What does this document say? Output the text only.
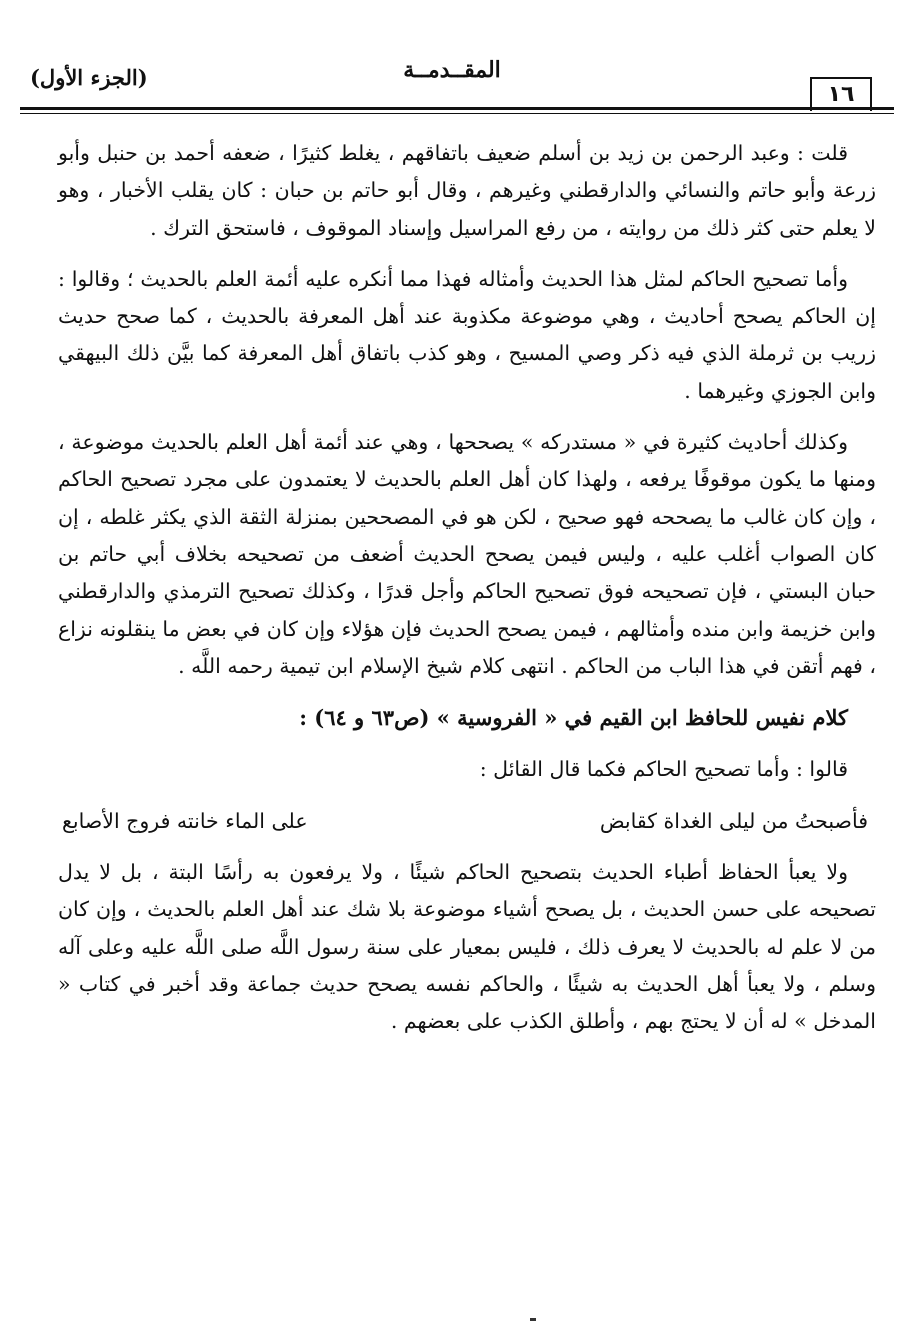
١٦
المقــدمــة
(الجزء الأول)

قلت : وعبد الرحمن بن زيد بن أسلم ضعيف باتفاقهم ، يغلط كثيرًا ، ضعفه أحمد بن حنبل وأبو زرعة وأبو حاتم والنسائي والدارقطني وغيرهم ، وقال أبو حاتم بن حبان : كان يقلب الأخبار ، وهو لا يعلم حتى كثر ذلك من روايته ، من رفع المراسيل وإسناد الموقوف ، فاستحق الترك .

وأما تصحيح الحاكم لمثل هذا الحديث وأمثاله فهذا مما أنكره عليه أئمة العلم بالحديث ؛ وقالوا : إن الحاكم يصحح أحاديث ، وهي موضوعة مكذوبة عند أهل المعرفة بالحديث ، كما صحح حديث زريب بن ثرملة الذي فيه ذكر وصي المسيح ، وهو كذب باتفاق أهل المعرفة كما بيَّن ذلك البيهقي وابن الجوزي وغيرهما .

وكذلك أحاديث كثيرة في « مستدركه » يصححها ، وهي عند أئمة أهل العلم بالحديث موضوعة ، ومنها ما يكون موقوفًا يرفعه ، ولهذا كان أهل العلم بالحديث لا يعتمدون على مجرد تصحيح الحاكم ، وإن كان غالب ما يصححه فهو صحيح ، لكن هو في المصححين بمنزلة الثقة الذي يكثر غلطه ، إن كان الصواب أغلب عليه ، وليس فيمن يصحح الحديث أضعف من تصحيحه بخلاف أبي حاتم بن حبان البستي ، فإن تصحيحه فوق تصحيح الحاكم وأجل قدرًا ، وكذلك تصحيح الترمذي والدارقطني وابن خزيمة وابن منده وأمثالهم ، فيمن يصحح الحديث فإن هؤلاء وإن كان في بعض ما ينقلونه نزاع ، فهم أتقن في هذا الباب من الحاكم . انتهى كلام شيخ الإسلام ابن تيمية رحمه اللَّه .

كلام نفيس للحافظ ابن القيم في « الفروسية » (ص٦٣ و ٦٤) :

قالوا : وأما تصحيح الحاكم فكما قال القائل :

فأصبحتُ من ليلى الغداة كقابض
على الماء خانته فروج الأصابع

ولا يعبأ الحفاظ أطباء الحديث بتصحيح الحاكم شيئًا ، ولا يرفعون به رأسًا البتة ، بل لا يدل تصحيحه على حسن الحديث ، بل يصحح أشياء موضوعة بلا شك عند أهل العلم بالحديث ، وإن كان من لا علم له بالحديث لا يعرف ذلك ، فليس بمعيار على سنة رسول اللَّه صلى اللَّه عليه وعلى آله وسلم ، ولا يعبأ أهل الحديث به شيئًا ، والحاكم نفسه يصحح حديث جماعة وقد أخبر في كتاب « المدخل » له أن لا يحتج بهم ، وأطلق الكذب على بعضهم .
